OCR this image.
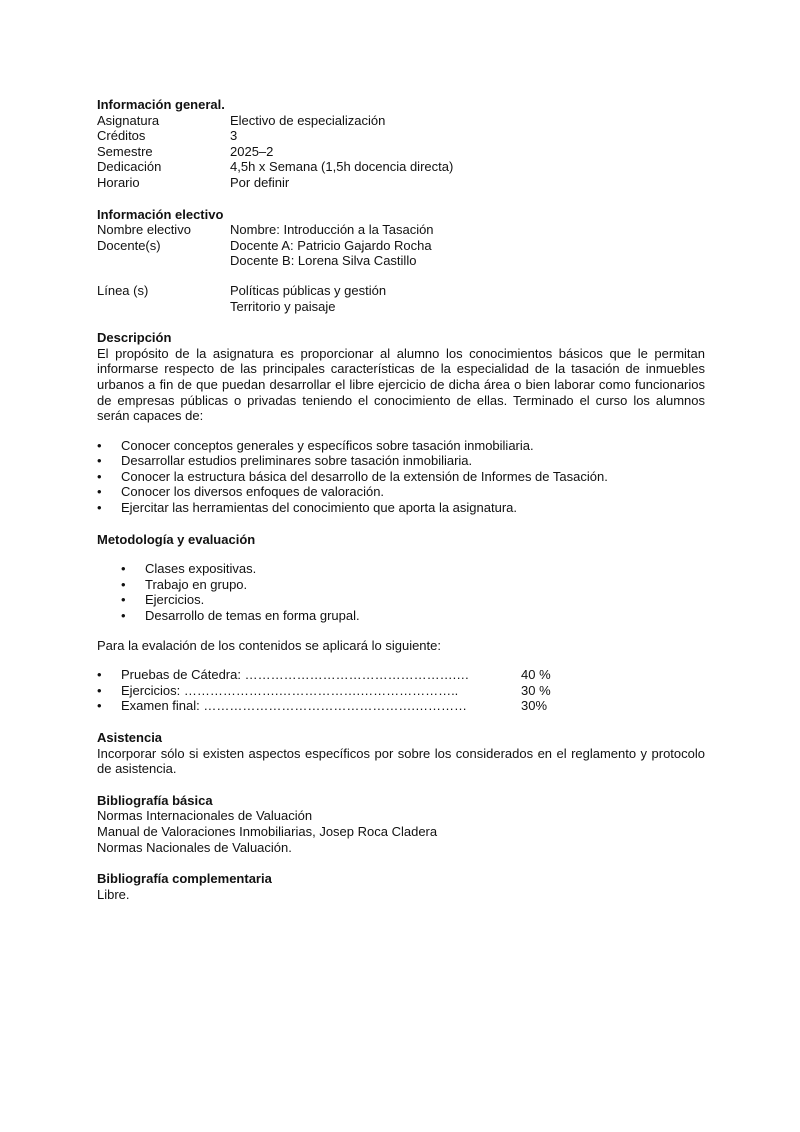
Información general.
Asignatura	Electivo de especialización
Créditos	3
Semestre	2025–2
Dedicación	4,5h x Semana (1,5h docencia directa)
Horario	Por definir
Información electivo
Nombre electivo	Nombre: Introducción a la Tasación
Docente(s)	Docente A: Patricio Gajardo Rocha
Docente B: Lorena Silva Castillo
Línea (s)	Políticas públicas y gestión
Territorio y paisaje
Descripción

El propósito de la asignatura es proporcionar al alumno los conocimientos básicos que le permitan informarse respecto de las principales características de la especialidad de la tasación de inmuebles urbanos a fin de que puedan desarrollar el libre ejercicio de dicha área o bien laborar como funcionarios de empresas públicas o privadas teniendo el conocimiento de ellas. Terminado el curso los alumnos serán capaces de:

• Conocer conceptos generales y específicos sobre tasación inmobiliaria.
• Desarrollar estudios preliminares sobre tasación inmobiliaria.
• Conocer la estructura básica del desarrollo de la extensión de Informes de Tasación.
• Conocer los diversos enfoques de valoración.
• Ejercitar las herramientas del conocimiento que aporta la asignatura.
Metodología y evaluación
• Clases expositivas.
• Trabajo en grupo.
• Ejercicios.
• Desarrollo de temas en forma grupal.
Para la evalación de los contenidos se aplicará lo siguiente:
• Pruebas de Cátedra: ………………………………………….…	40 %
• Ejercicios: ………………….……………….…………………..	30 %
• Examen final: ………………………………………….…………	30%
Asistencia

Incorporar sólo si existen aspectos específicos por sobre los considerados en el reglamento y protocolo de asistencia.

Bibliografía básica
Normas Internacionales de Valuación
Manual de Valoraciones Inmobiliarias, Josep Roca Cladera
Normas Nacionales de Valuación.
Bibliografía complementaria
Libre.
